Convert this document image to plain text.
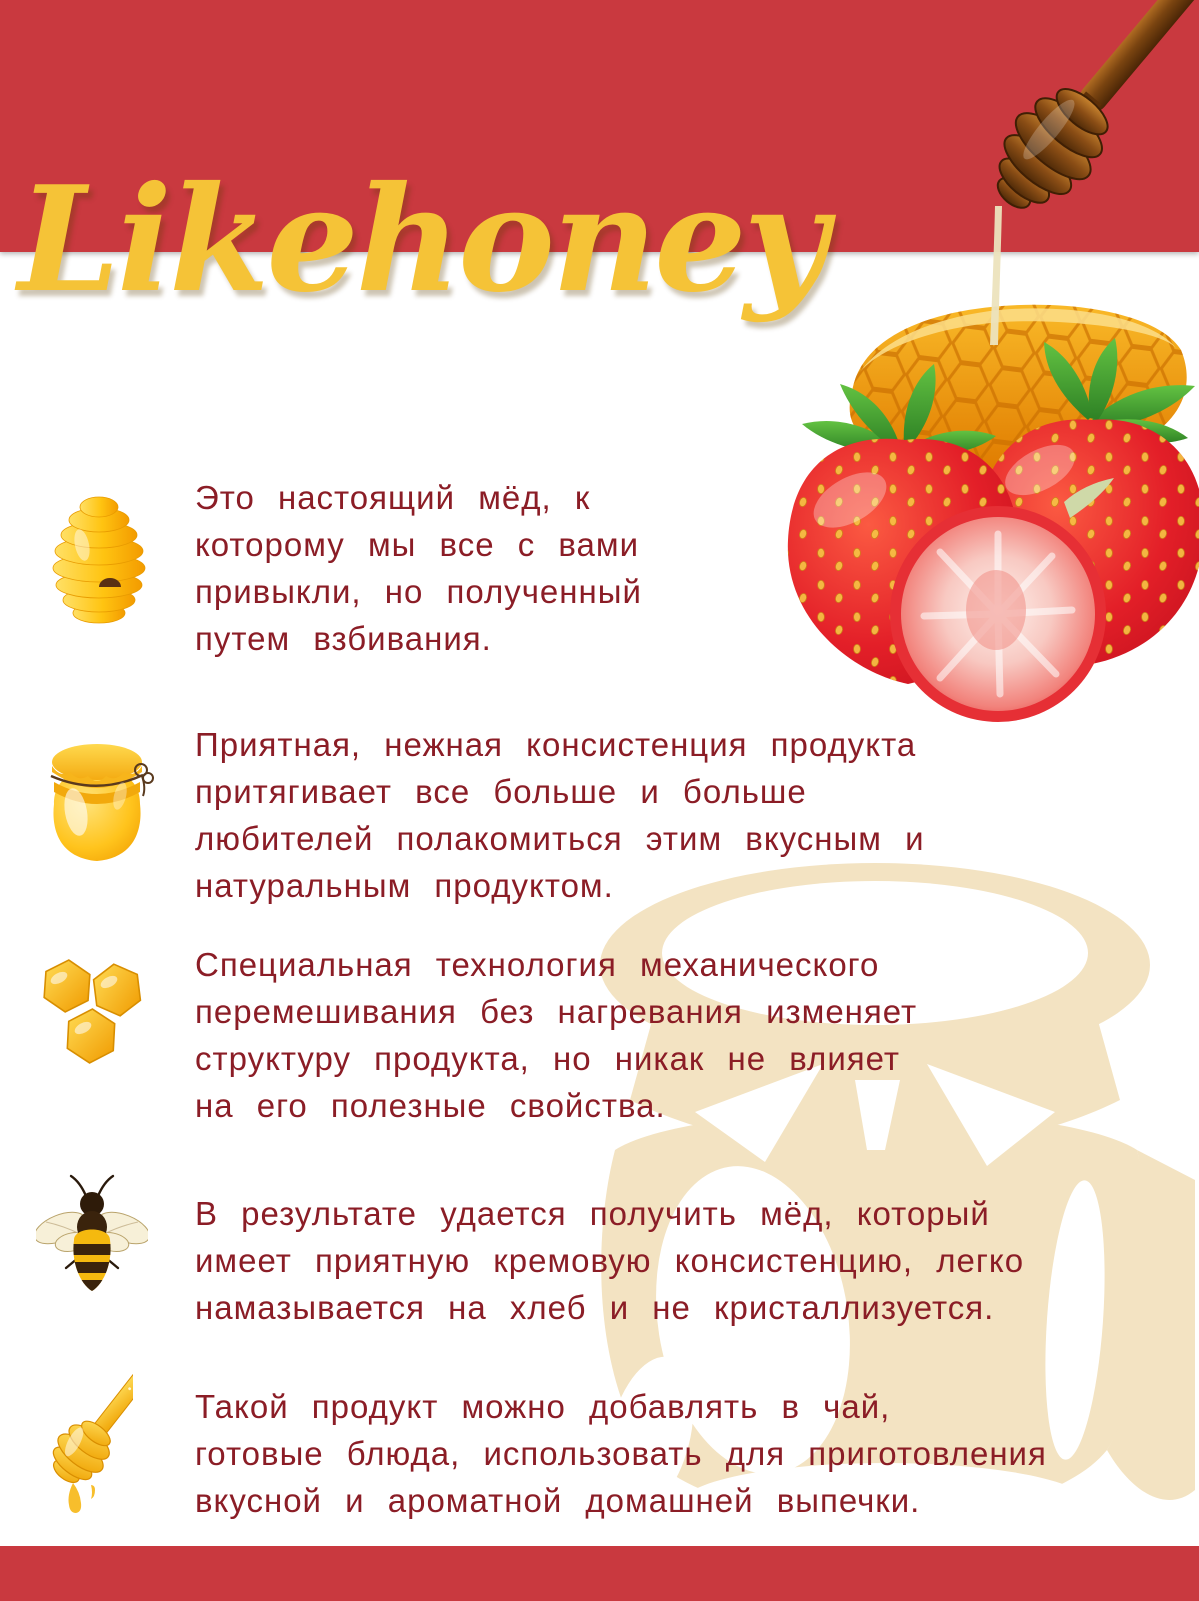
Likehoney
Это настоящий мёд, к
которому мы все с вами
привыкли, но полученный
путем взбивания.
Приятная, нежная консистенция продукта
притягивает все больше и больше
любителей полакомиться этим вкусным и
натуральным продуктом.
Специальная технология механического
перемешивания без нагревания изменяет
структуру продукта, но никак не влияет
на его полезные свойства.
В результате удается получить мёд, который
имеет приятную кремовую консистенцию, легко
намазывается на хлеб и не кристаллизуется.
Такой продукт можно добавлять в чай,
готовые блюда, использовать для приготовления
вкусной и ароматной домашней выпечки.
